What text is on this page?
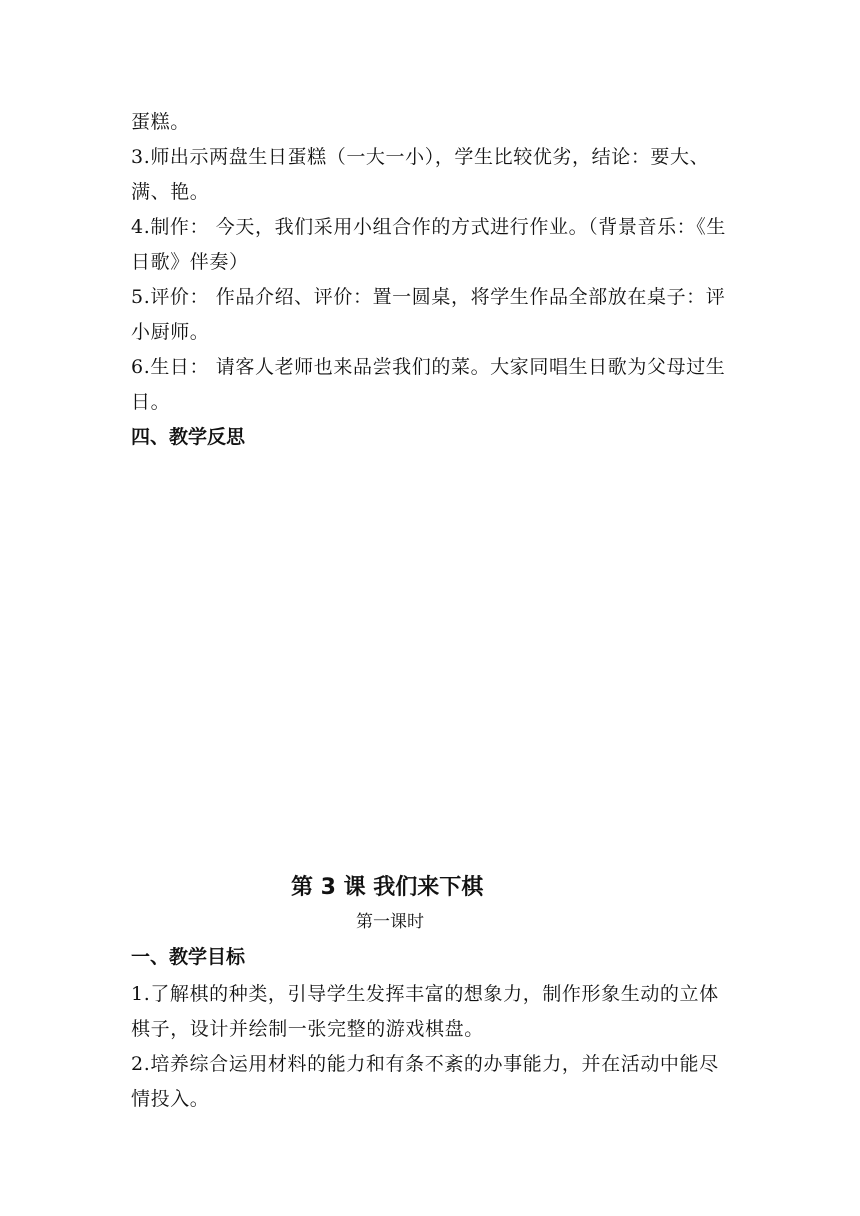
蛋糕。

3.师出示两盘生日蛋糕（一大一小），学生比较优劣，结论：要大、满、艳。

4.制作： 今天，我们采用小组合作的方式进行作业。（背景音乐：《生日歌》伴奏）

5.评价： 作品介绍、评价：置一圆桌，将学生作品全部放在桌子：评小厨师。

6.生日： 请客人老师也来品尝我们的菜。大家同唱生日歌为父母过生日。

四、教学反思

第 3 课 我们来下棋

第一课时

一、教学目标

1.了解棋的种类，引导学生发挥丰富的想象力，制作形象生动的立体棋子，设计并绘制一张完整的游戏棋盘。

2.培养综合运用材料的能力和有条不紊的办事能力，并在活动中能尽情投入。
